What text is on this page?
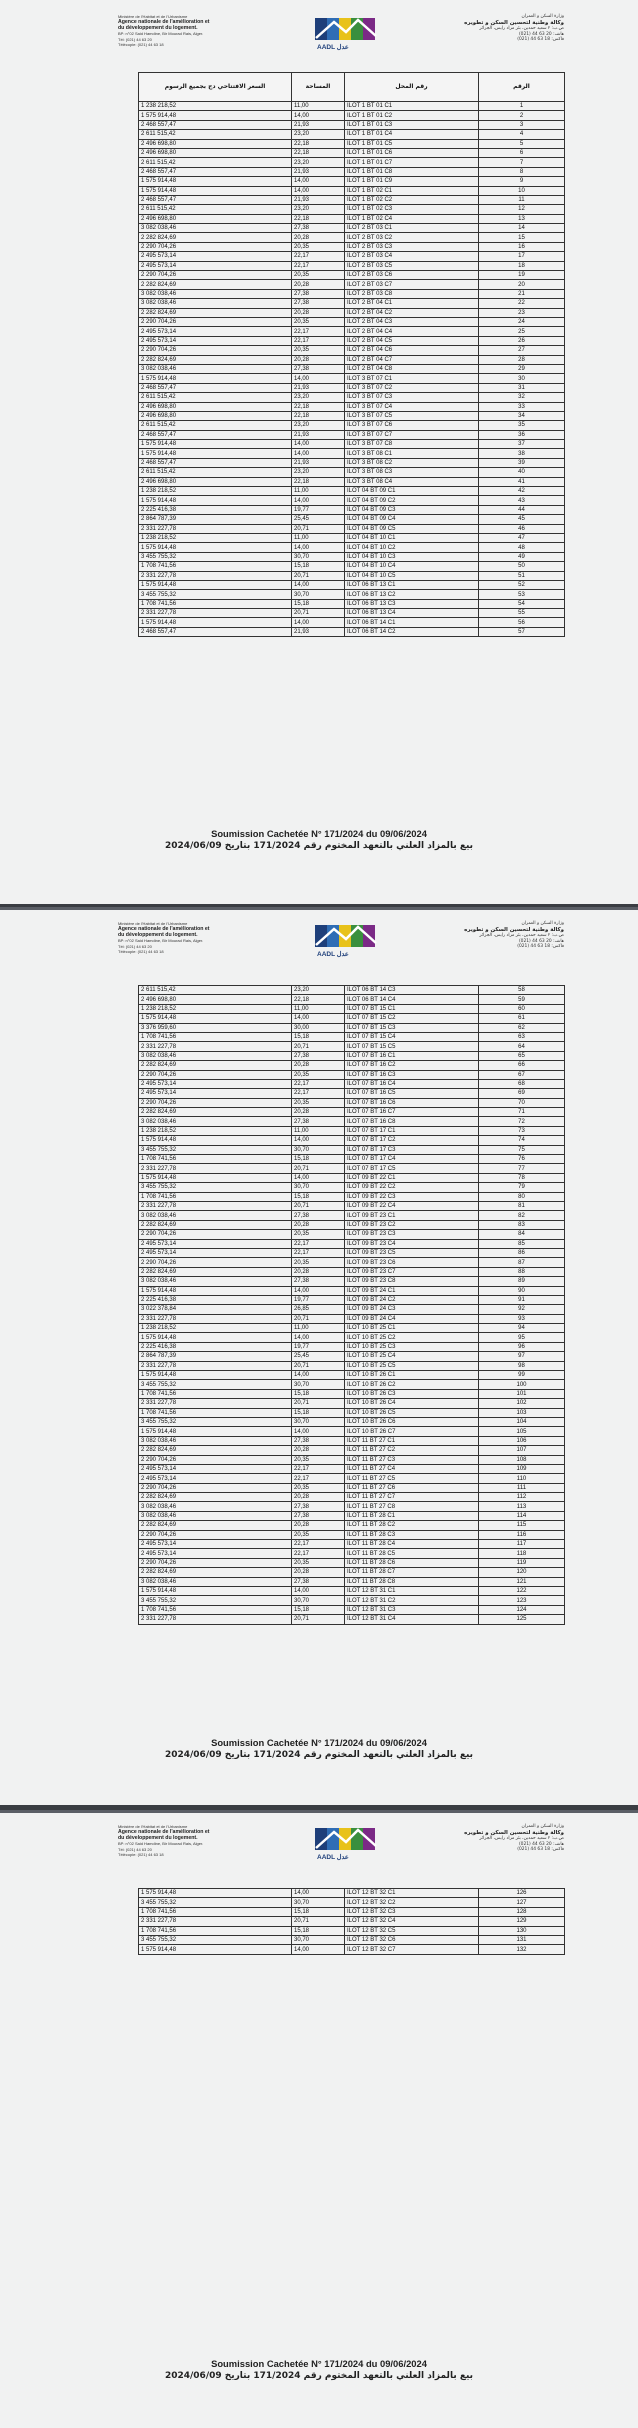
Ministère de l'Habitat et de l'Urbanisme
Agence nationale de l'amélioration et
du développement du logement.
BP: n°02 Said Hamdine, Bir Mourad Rais, Alger.
Tél: (021) 44 63 20
Télécopie: (021) 44 63 18	AADL عدل
وزارة السكن و العمران
وكالة وطنية لتحسين السكن و تطويره
ص.ب: ٢ سعيد حمدين، بئر مراد رايس، الجزائر
(021) 44 63 20 :هاتف
(021) 44 63 18 :فاكس
السعر الافتتاحي دج بجميع الرسوم	المساحة	رقم المحل	الرقم
1 238 218,52	11,00	ILOT 1 BT 01 C1	1
1 575 914,48	14,00	ILOT 1 BT 01 C2	2
2 468 557,47	21,93	ILOT 1 BT 01 C3	3
2 611 515,42	23,20	ILOT 1 BT 01 C4	4
2 496 698,80	22,18	ILOT 1 BT 01 C5	5
2 496 698,80	22,18	ILOT 1 BT 01 C6	6
2 611 515,42	23,20	ILOT 1 BT 01 C7	7
2 468 557,47	21,93	ILOT 1 BT 01 C8	8
1 575 914,48	14,00	ILOT 1 BT 01 C9	9
1 575 914,48	14,00	ILOT 1 BT 02 C1	10
2 468 557,47	21,93	ILOT 1 BT 02 C2	11
2 611 515,42	23,20	ILOT 1 BT 02 C3	12
2 496 698,80	22,18	ILOT 1 BT 02 C4	13
3 082 038,46	27,38	ILOT 2 BT 03 C1	14
2 282 824,69	20,28	ILOT 2 BT 03 C2	15
2 290 704,26	20,35	ILOT 2 BT 03 C3	16
2 495 573,14	22,17	ILOT 2 BT 03 C4	17
2 495 573,14	22,17	ILOT 2 BT 03 C5	18
2 290 704,26	20,35	ILOT 2 BT 03 C6	19
2 282 824,69	20,28	ILOT 2 BT 03 C7	20
3 082 038,46	27,38	ILOT 2 BT 03 C8	21
3 082 038,46	27,38	ILOT 2 BT 04 C1	22
2 282 824,69	20,28	ILOT 2 BT 04 C2	23
2 290 704,26	20,35	ILOT 2 BT 04 C3	24
2 495 573,14	22,17	ILOT 2 BT 04 C4	25
2 495 573,14	22,17	ILOT 2 BT 04 C5	26
2 290 704,26	20,35	ILOT 2 BT 04 C6	27
2 282 824,69	20,28	ILOT 2 BT 04 C7	28
3 082 038,46	27,38	ILOT 2 BT 04 C8	29
1 575 914,48	14,00	ILOT 3 BT 07 C1	30
2 468 557,47	21,93	ILOT 3 BT 07 C2	31
2 611 515,42	23,20	ILOT 3 BT 07 C3	32
2 496 698,80	22,18	ILOT 3 BT 07 C4	33
2 496 698,80	22,18	ILOT 3 BT 07 C5	34
2 611 515,42	23,20	ILOT 3 BT 07 C6	35
2 468 557,47	21,93	ILOT 3 BT 07 C7	36
1 575 914,48	14,00	ILOT 3 BT 07 C8	37
1 575 914,48	14,00	ILOT 3 BT 08 C1	38
2 468 557,47	21,93	ILOT 3 BT 08 C2	39
2 611 515,42	23,20	ILOT 3 BT 08 C3	40
2 496 698,80	22,18	ILOT 3 BT 08 C4	41
1 238 218,52	11,00	ILOT 04 BT 09 C1	42
1 575 914,48	14,00	ILOT 04 BT 09 C2	43
2 225 416,38	19,77	ILOT 04 BT 09 C3	44
2 864 787,39	25,45	ILOT 04 BT 09 C4	45
2 331 227,78	20,71	ILOT 04 BT 09 C5	46
1 238 218,52	11,00	ILOT 04 BT 10 C1	47
1 575 914,48	14,00	ILOT 04 BT 10 C2	48
3 455 755,32	30,70	ILOT 04 BT 10 C3	49
1 708 741,56	15,18	ILOT 04 BT 10 C4	50
2 331 227,78	20,71	ILOT 04 BT 10 C5	51
1 575 914,48	14,00	ILOT 06 BT 13 C1	52
3 455 755,32	30,70	ILOT 06 BT 13 C2	53
1 708 741,56	15,18	ILOT 06 BT 13 C3	54
2 331 227,78	20,71	ILOT 06 BT 13 C4	55
1 575 914,48	14,00	ILOT 06 BT 14 C1	56
2 468 557,47	21,93	ILOT 06 BT 14 C2	57
Soumission Cachetée N° 171/2024 du 09/06/2024
بيع بالمزاد العلني بالتعهد المختوم رقم 171/2024 بتاريخ 2024/06/09
Ministère de l'Habitat et de l'Urbanisme
Agence nationale de l'amélioration et
du développement du logement.
BP: n°02 Said Hamdine, Bir Mourad Rais, Alger.
Tél: (021) 44 63 20
Télécopie: (021) 44 63 18	AADL عدل
وزارة السكن و العمران
وكالة وطنية لتحسين السكن و تطويره
ص.ب: ٢ سعيد حمدين، بئر مراد رايس، الجزائر
(021) 44 63 20 :هاتف
(021) 44 63 18 :فاكس
2 611 515,42	23,20	ILOT 06 BT 14 C3	58
2 496 698,80	22,18	ILOT 06 BT 14 C4	59
1 238 218,52	11,00	ILOT 07 BT 15 C1	60
1 575 914,48	14,00	ILOT 07 BT 15 C2	61
3 376 959,60	30,00	ILOT 07 BT 15 C3	62
1 708 741,56	15,18	ILOT 07 BT 15 C4	63
2 331 227,78	20,71	ILOT 07 BT 15 C5	64
3 082 038,46	27,38	ILOT 07 BT 16 C1	65
2 282 824,69	20,28	ILOT 07 BT 16 C2	66
2 290 704,26	20,35	ILOT 07 BT 16 C3	67
2 495 573,14	22,17	ILOT 07 BT 16 C4	68
2 495 573,14	22,17	ILOT 07 BT 16 C5	69
2 290 704,26	20,35	ILOT 07 BT 16 C6	70
2 282 824,69	20,28	ILOT 07 BT 16 C7	71
3 082 038,46	27,38	ILOT 07 BT 16 C8	72
1 238 218,52	11,00	ILOT 07 BT 17 C1	73
1 575 914,48	14,00	ILOT 07 BT 17 C2	74
3 455 755,32	30,70	ILOT 07 BT 17 C3	75
1 708 741,56	15,18	ILOT 07 BT 17 C4	76
2 331 227,78	20,71	ILOT 07 BT 17 C5	77
1 575 914,48	14,00	ILOT 09 BT 22 C1	78
3 455 755,32	30,70	ILOT 09 BT 22 C2	79
1 708 741,56	15,18	ILOT 09 BT 22 C3	80
2 331 227,78	20,71	ILOT 09 BT 22 C4	81
3 082 038,46	27,38	ILOT 09 BT 23 C1	82
2 282 824,69	20,28	ILOT 09 BT 23 C2	83
2 290 704,26	20,35	ILOT 09 BT 23 C3	84
2 495 573,14	22,17	ILOT 09 BT 23 C4	85
2 495 573,14	22,17	ILOT 09 BT 23 C5	86
2 290 704,26	20,35	ILOT 09 BT 23 C6	87
2 282 824,69	20,28	ILOT 09 BT 23 C7	88
3 082 038,46	27,38	ILOT 09 BT 23 C8	89
1 575 914,48	14,00	ILOT 09 BT 24 C1	90
2 225 416,38	19,77	ILOT 09 BT 24 C2	91
3 022 378,84	26,85	ILOT 09 BT 24 C3	92
2 331 227,78	20,71	ILOT 09 BT 24 C4	93
1 238 218,52	11,00	ILOT 10 BT 25 C1	94
1 575 914,48	14,00	ILOT 10 BT 25 C2	95
2 225 416,38	19,77	ILOT 10 BT 25 C3	96
2 864 787,39	25,45	ILOT 10 BT 25 C4	97
2 331 227,78	20,71	ILOT 10 BT 25 C5	98
1 575 914,48	14,00	ILOT 10 BT 26 C1	99
3 455 755,32	30,70	ILOT 10 BT 26 C2	100
1 708 741,56	15,18	ILOT 10 BT 26 C3	101
2 331 227,78	20,71	ILOT 10 BT 26 C4	102
1 708 741,56	15,18	ILOT 10 BT 26 C5	103
3 455 755,32	30,70	ILOT 10 BT 26 C6	104
1 575 914,48	14,00	ILOT 10 BT 26 C7	105
3 082 038,46	27,38	ILOT 11 BT 27 C1	106
2 282 824,69	20,28	ILOT 11 BT 27 C2	107
2 290 704,26	20,35	ILOT 11 BT 27 C3	108
2 495 573,14	22,17	ILOT 11 BT 27 C4	109
2 495 573,14	22,17	ILOT 11 BT 27 C5	110
2 290 704,26	20,35	ILOT 11 BT 27 C6	111
2 282 824,69	20,28	ILOT 11 BT 27 C7	112
3 082 038,46	27,38	ILOT 11 BT 27 C8	113
3 082 038,46	27,38	ILOT 11 BT 28 C1	114
2 282 824,69	20,28	ILOT 11 BT 28 C2	115
2 290 704,26	20,35	ILOT 11 BT 28 C3	116
2 495 573,14	22,17	ILOT 11 BT 28 C4	117
2 495 573,14	22,17	ILOT 11 BT 28 C5	118
2 290 704,26	20,35	ILOT 11 BT 28 C6	119
2 282 824,69	20,28	ILOT 11 BT 28 C7	120
3 082 038,46	27,38	ILOT 11 BT 28 C8	121
1 575 914,48	14,00	ILOT 12 BT 31 C1	122
3 455 755,32	30,70	ILOT 12 BT 31 C2	123
1 708 741,56	15,18	ILOT 12 BT 31 C3	124
2 331 227,78	20,71	ILOT 12 BT 31 C4	125
Soumission Cachetée N° 171/2024 du 09/06/2024
بيع بالمزاد العلني بالتعهد المختوم رقم 171/2024 بتاريخ 2024/06/09
Ministère de l'Habitat et de l'Urbanisme
Agence nationale de l'amélioration et
du développement du logement.
BP: n°02 Said Hamdine, Bir Mourad Rais, Alger.
Tél: (021) 44 63 20
Télécopie: (021) 44 63 18	AADL عدل
وزارة السكن و العمران
وكالة وطنية لتحسين السكن و تطويره
ص.ب: ٢ سعيد حمدين، بئر مراد رايس، الجزائر
(021) 44 63 20 :هاتف
(021) 44 63 18 :فاكس
1 575 914,48	14,00	ILOT 12 BT 32 C1	126
3 455 755,32	30,70	ILOT 12 BT 32 C2	127
1 708 741,56	15,18	ILOT 12 BT 32 C3	128
2 331 227,78	20,71	ILOT 12 BT 32 C4	129
1 708 741,56	15,18	ILOT 12 BT 32 C5	130
3 455 755,32	30,70	ILOT 12 BT 32 C6	131
1 575 914,48	14,00	ILOT 12 BT 32 C7	132
Soumission Cachetée N° 171/2024 du 09/06/2024
بيع بالمزاد العلني بالتعهد المختوم رقم 171/2024 بتاريخ 2024/06/09
